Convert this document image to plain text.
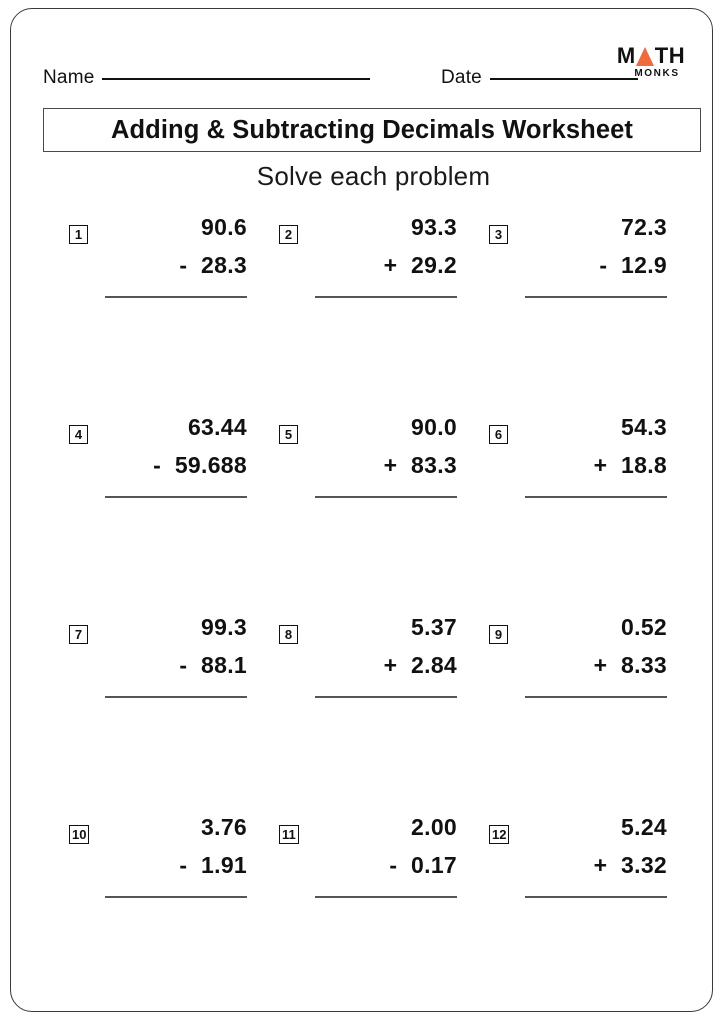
Name	Date
M TH
MONKS
Adding & Subtracting Decimals Worksheet
Solve each problem
1	90.6
- 28.3
2	93.3
+ 29.2
3	72.3
- 12.9
4	63.44
- 59.688
5	90.0
+ 83.3
6	54.3
+ 18.8
7	99.3
- 88.1
8	5.37
+ 2.84
9	0.52
+ 8.33
10	3.76
- 1.91
11	2.00
- 0.17
12	5.24
+ 3.32
